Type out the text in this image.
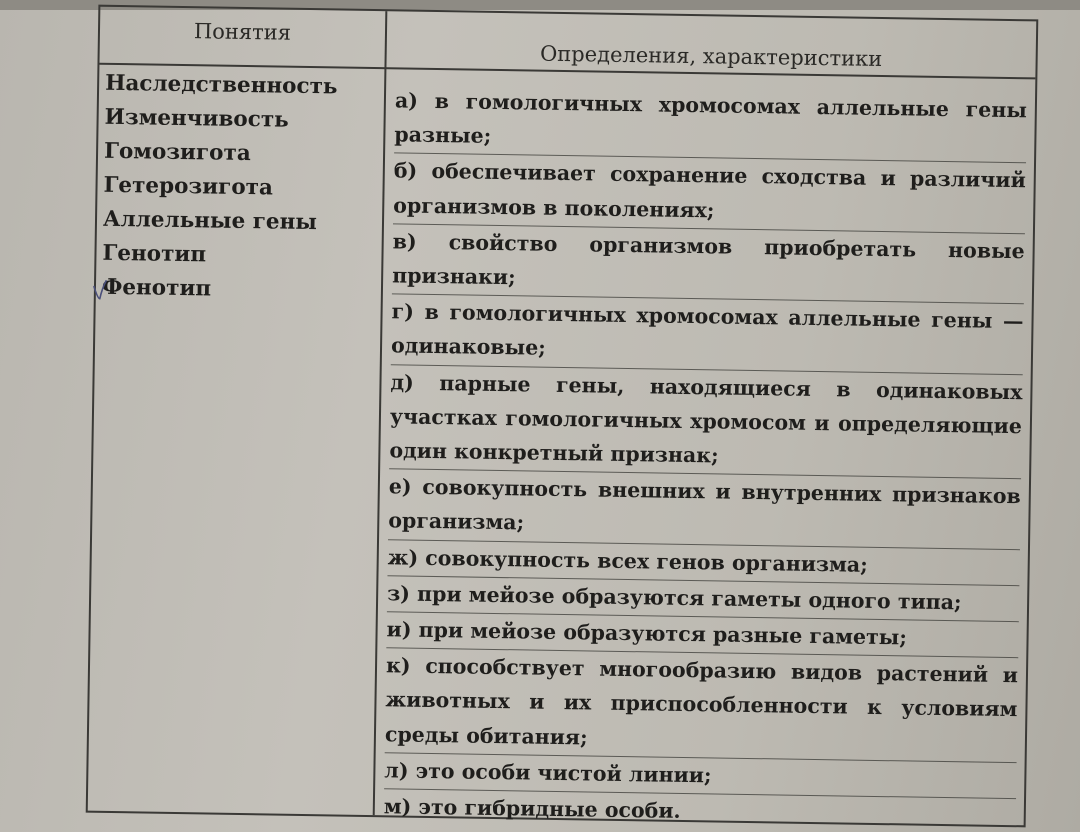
Понятия
Определения, характеристики
Наследственность
Изменчивость
Гомозигота
Гетерозигота
Аллельные гены
Генотип
Фенотип
а) в гомологичных хромосомах аллельные гены разные;
б) обеспечивает сохранение сходства и различий организмов в поколениях;
в) свойство организмов приобретать новые признаки;
г) в гомологичных хромосомах аллельные гены — одинаковые;
д) парные гены, находящиеся в одинаковых участках гомологичных хромосом и определяющие один конкретный признак;
е) совокупность внешних и внутренних признаков организма;
ж) совокупность всех генов организма;
з) при мейозе образуются гаметы одного типа;
и) при мейозе образуются разные гаметы;
к) способствует многообразию видов растений и животных и их приспособленности к условиям среды обитания;
л) это особи чистой линии;
м) это гибридные особи.
